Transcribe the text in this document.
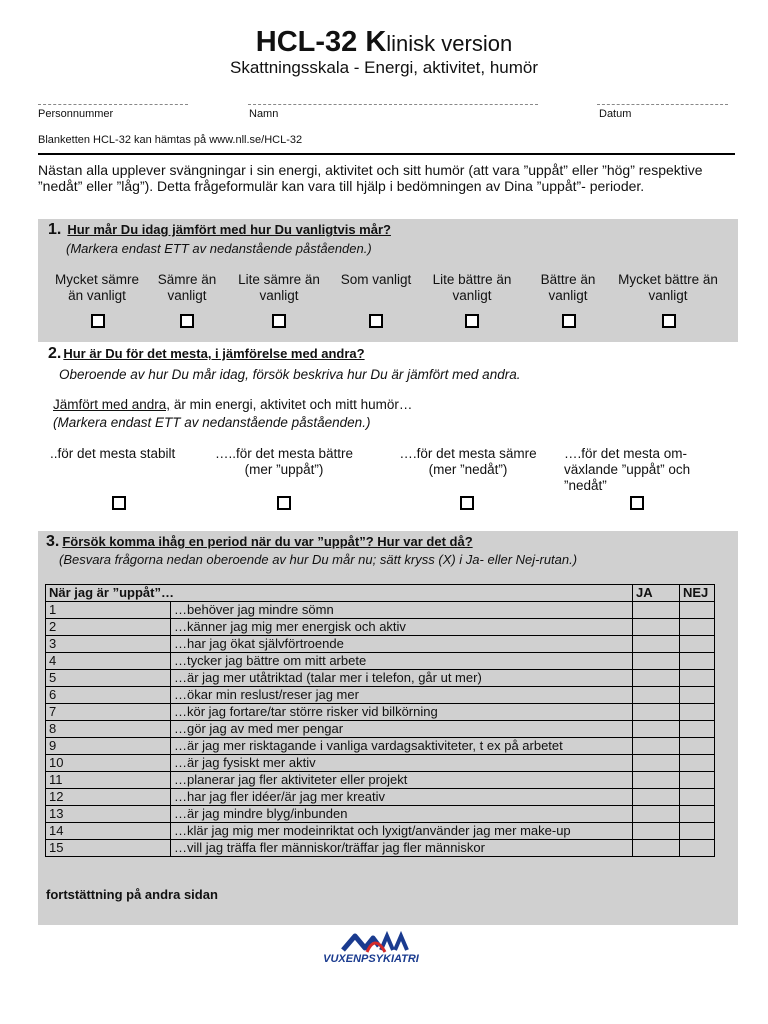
HCL-32 Klinisk version
Skattningsskala - Energi, aktivitet, humör
Personnummer	Namn	Datum
Blanketten HCL-32 kan hämtas på www.nll.se/HCL-32
Nästan alla upplever svängningar i sin energi, aktivitet och sitt humör (att vara ”uppåt” eller ”hög” respektive ”nedåt” eller ”låg”). Detta frågeformulär kan vara till hjälp i bedömningen av Dina ”uppåt”- perioder.
1. Hur mår Du idag jämfört med hur Du vanligtvis mår?
(Markera endast ETT av nedanstående påståenden.)
Mycket sämre än vanligt
Sämre än vanligt
Lite sämre än vanligt
Som vanligt	Lite bättre än vanligt
Bättre än vanligt
Mycket bättre än vanligt
2. Hur är Du för det mesta, i jämförelse med andra?
Oberoende av hur Du mår idag, försök beskriva hur Du är jämfört med andra.
Jämfört med andra, är min energi, aktivitet och mitt humör…
(Markera endast ETT av nedanstående påståenden.)
..för det mesta stabilt	…..för det mesta bättre (mer ”uppåt”)
….för det mesta sämre (mer ”nedåt”)
….för det mesta om-växlande ”uppåt” och ”nedåt”
3. Försök komma ihåg en period när du var ”uppåt”? Hur var det då?
(Besvara frågorna nedan oberoende av hur Du mår nu; sätt kryss (X) i Ja- eller Nej-rutan.)
När jag är ”uppåt”…		JA	NEJ
1	…behöver jag mindre sömn		
2	…känner jag mig mer energisk och aktiv		
3	…har jag ökat självförtroende		
4	…tycker jag bättre om mitt arbete		
5	…är jag mer utåtriktad (talar mer i telefon, går ut mer)		
6	…ökar min reslust/reser jag mer		
7	…kör jag fortare/tar större risker vid bilkörning		
8	…gör jag av med mer pengar		
9	…är jag mer risktagande i vanliga vardagsaktiviteter, t ex på arbetet		
10	…är jag fysiskt mer aktiv		
11	…planerar jag fler aktiviteter eller projekt		
12	…har jag fler idéer/är jag mer kreativ		
13	…är jag mindre blyg/inbunden		
14	…klär jag mig mer modeinriktat och lyxigt/använder jag mer make-up		
15	…vill jag träffa fler människor/träffar jag fler människor		
fortstättning på andra sidan
VUXENPSYKIATRI
